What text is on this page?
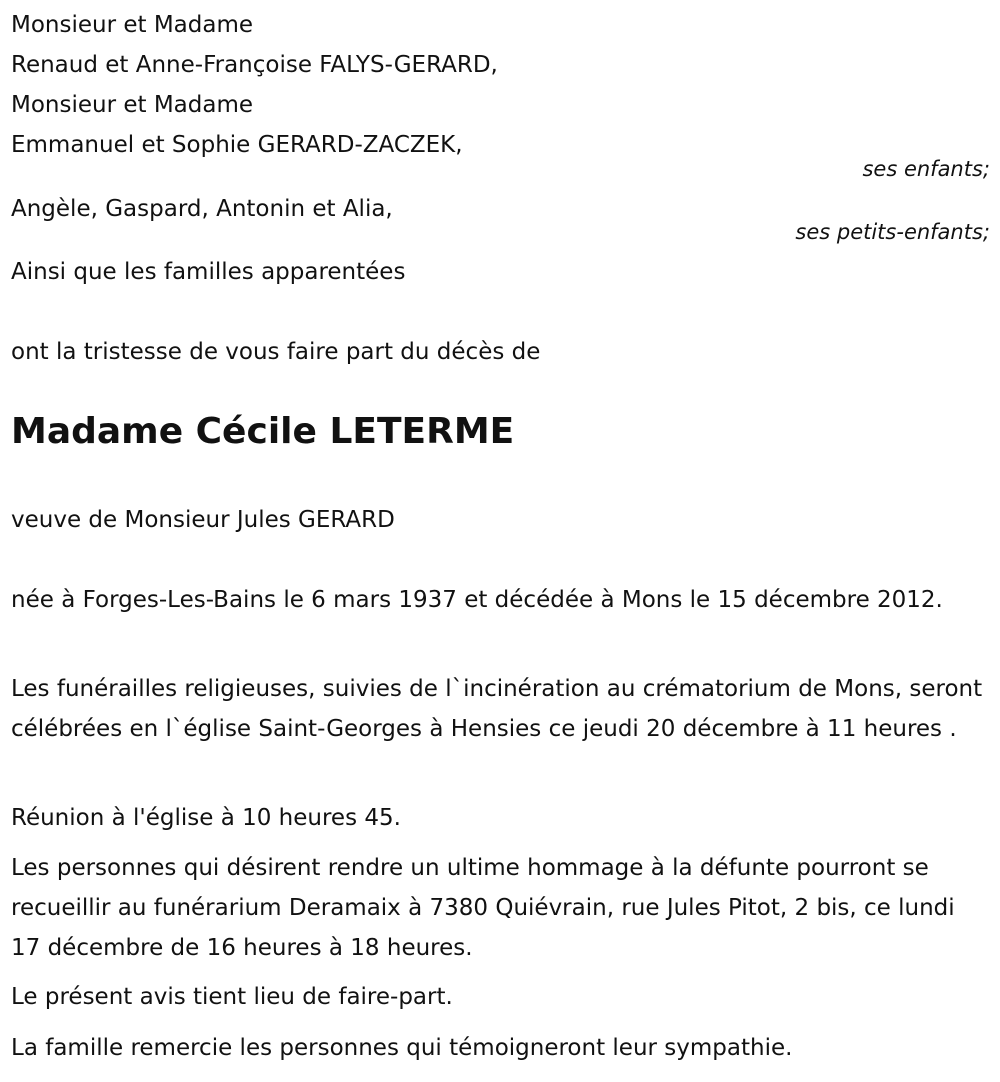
Monsieur et Madame

Renaud et Anne-Françoise FALYS-GERARD,

Monsieur et Madame

Emmanuel et Sophie GERARD-ZACZEK,

ses enfants;

Angèle, Gaspard, Antonin et Alia,

ses petits-enfants;

Ainsi que les familles apparentées

ont la tristesse de vous faire part du décès de

Madame Cécile LETERME

veuve de Monsieur Jules GERARD

née à Forges-Les-Bains le 6 mars 1937 et décédée à Mons le 15 décembre 2012.

Les funérailles religieuses, suivies de l`incinération au crématorium de Mons, seront célébrées en l`église Saint-Georges à Hensies ce jeudi 20 décembre à 11 heures .

Réunion à l'église à 10 heures 45.

Les personnes qui désirent rendre un ultime hommage à la défunte pourront se recueillir au funérarium Deramaix à 7380 Quiévrain, rue Jules Pitot, 2 bis, ce lundi 17 décembre de 16 heures à 18 heures.

Le présent avis tient lieu de faire-part.

La famille remercie les personnes qui témoigneront leur sympathie.
